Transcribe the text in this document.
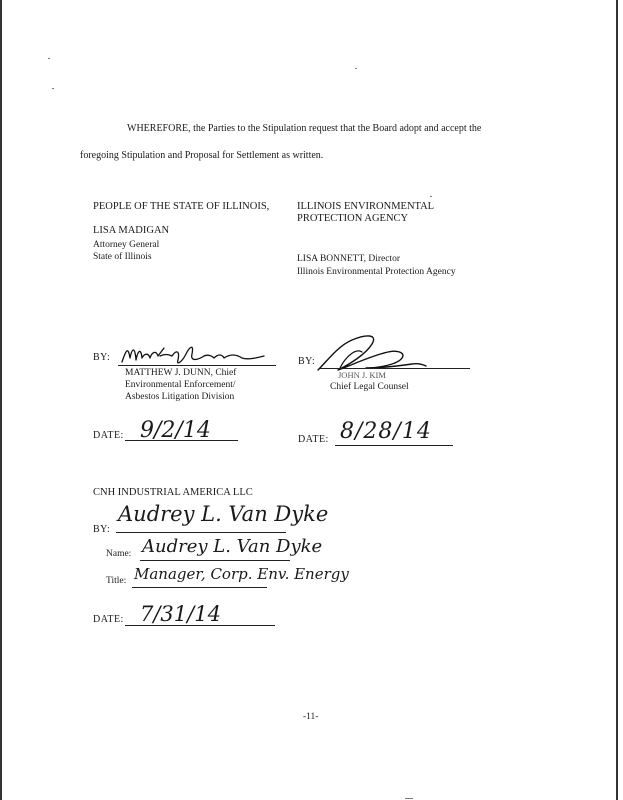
WHEREFORE, the Parties to the Stipulation request that the Board adopt and accept the
foregoing Stipulation and Proposal for Settlement as written.
PEOPLE OF THE STATE OF ILLINOIS,
LISA MADIGAN
Attorney General
State of Illinois
ILLINOIS ENVIRONMENTAL
PROTECTION AGENCY
LISA BONNETT, Director
Illinois Environmental Protection Agency
BY:
MATTHEW J. DUNN, Chief
Environmental Enforcement/
Asbestos Litigation Division
DATE: 9/2/14
BY:
JOHN J. KIM
Chief Legal Counsel
DATE: 8/28/14
CNH INDUSTRIAL AMERICA LLC
BY:
Audrey L. Van Dyke
Name: Audrey L. Van Dyke
Title: Manager, Corp. Env. Energy
DATE: 7/31/14
-11-
